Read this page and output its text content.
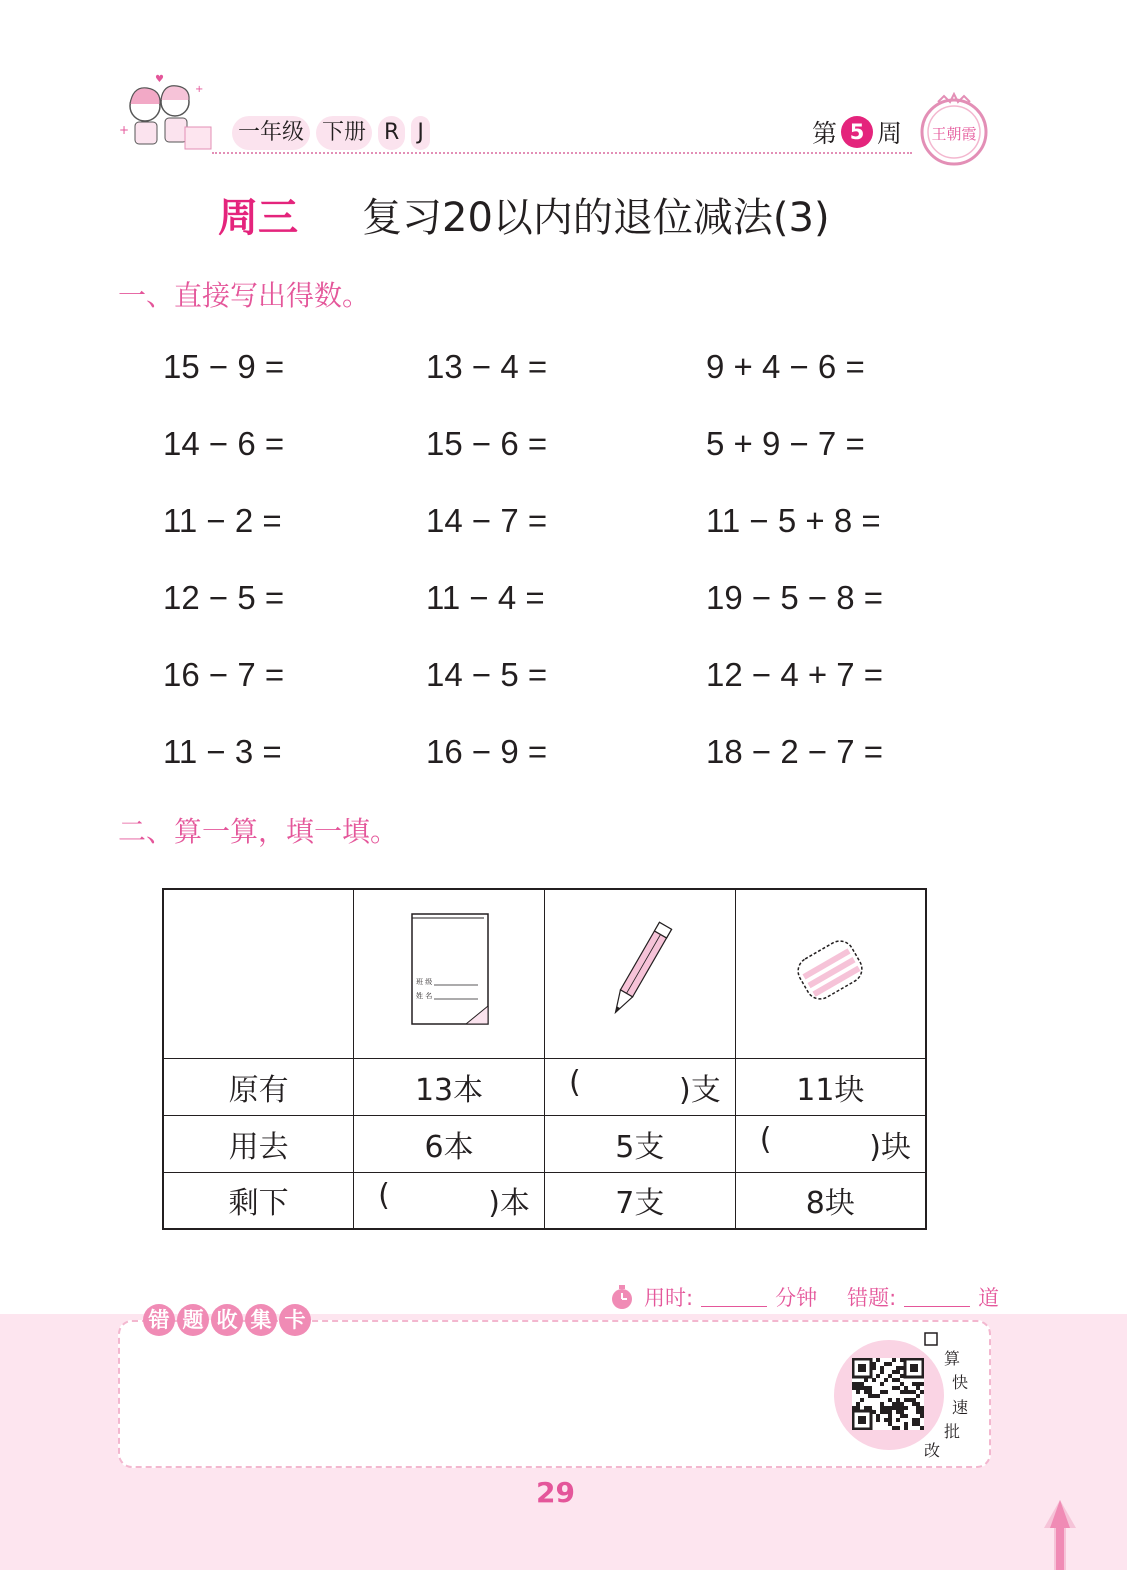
+
♥
+
一年级 下册 R J	第 5 周 王朝霞
周三 复习20以内的退位减法(3)
一、直接写出得数。
15 − 9 =	13 − 4 =	9 + 4 − 6 =
14 − 6 =	15 − 6 =	5 + 9 − 7 =
11 − 2 =	14 − 7 =	11 − 5 + 8 =
12 − 5 =	11 − 4 =	19 − 5 − 8 =
16 − 7 =	14 − 5 =	12 − 4 + 7 =
11 − 3 =	16 − 9 =	18 − 2 − 7 =
二、算一算，填一填。

班 级
姓 名

原有	13本	( )支	11块
用去	6本	5支	( )块

剩下	( )本	7支	8块
用时:	分钟 错题:	道
错 题 收 集 卡
算
快
速
批
改
29
